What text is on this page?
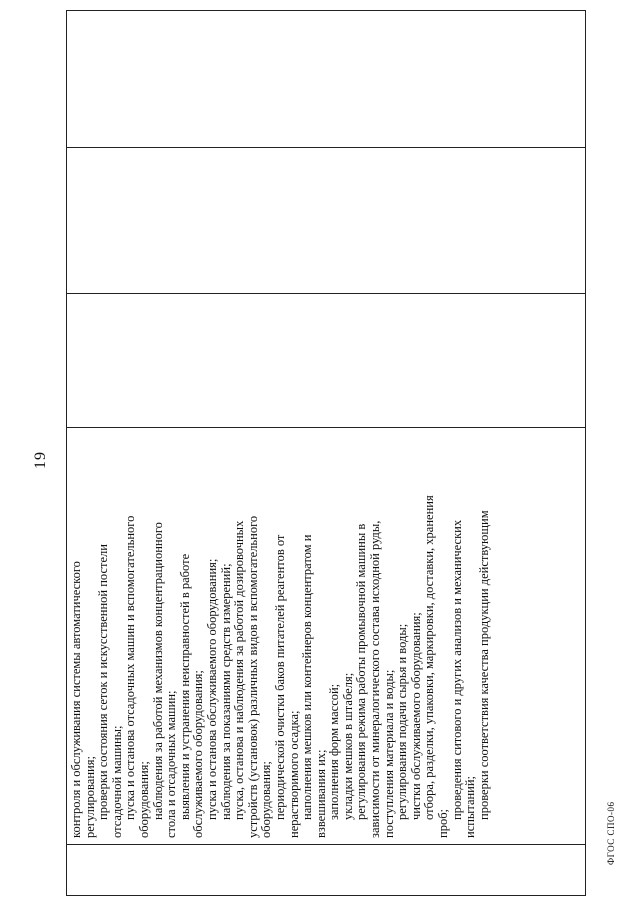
19

контроля и обслуживания системы автоматического регулирования; проверки состояния сеток и искусственной постели отсадочной машины; пуска и останова отсадочных машин и вспомогательного оборудования; наблюдения за работой механизмов концентрационного стола и отсадочных машин; выявления и устранения неисправностей в работе обслуживаемого оборудования; пуска и останова обслуживаемого оборудования; наблюдения за показаниями средств измерений; пуска, останова и наблюдения за работой дозировочных устройств (установок) различных видов и вспомогательного оборудования; периодической очистки баков питателей реагентов от нерастворимого осадка; наполнения мешков или контейнеров концентратом и взвешивания их; заполнения форм массой; укладки мешков в штабеля; регулирования режима работы промывочной машины в зависимости от минералогического состава исходной руды, поступления материала и воды; регулирования подачи сырья и воды; чистки обслуживаемого оборудования; отбора, разделки, упаковки, маркировки, доставки, хранения

проб;

проведения ситового и других анализов и механических испытаний; проверки соответствия качества продукции действующим

ФГОС СПО-06
